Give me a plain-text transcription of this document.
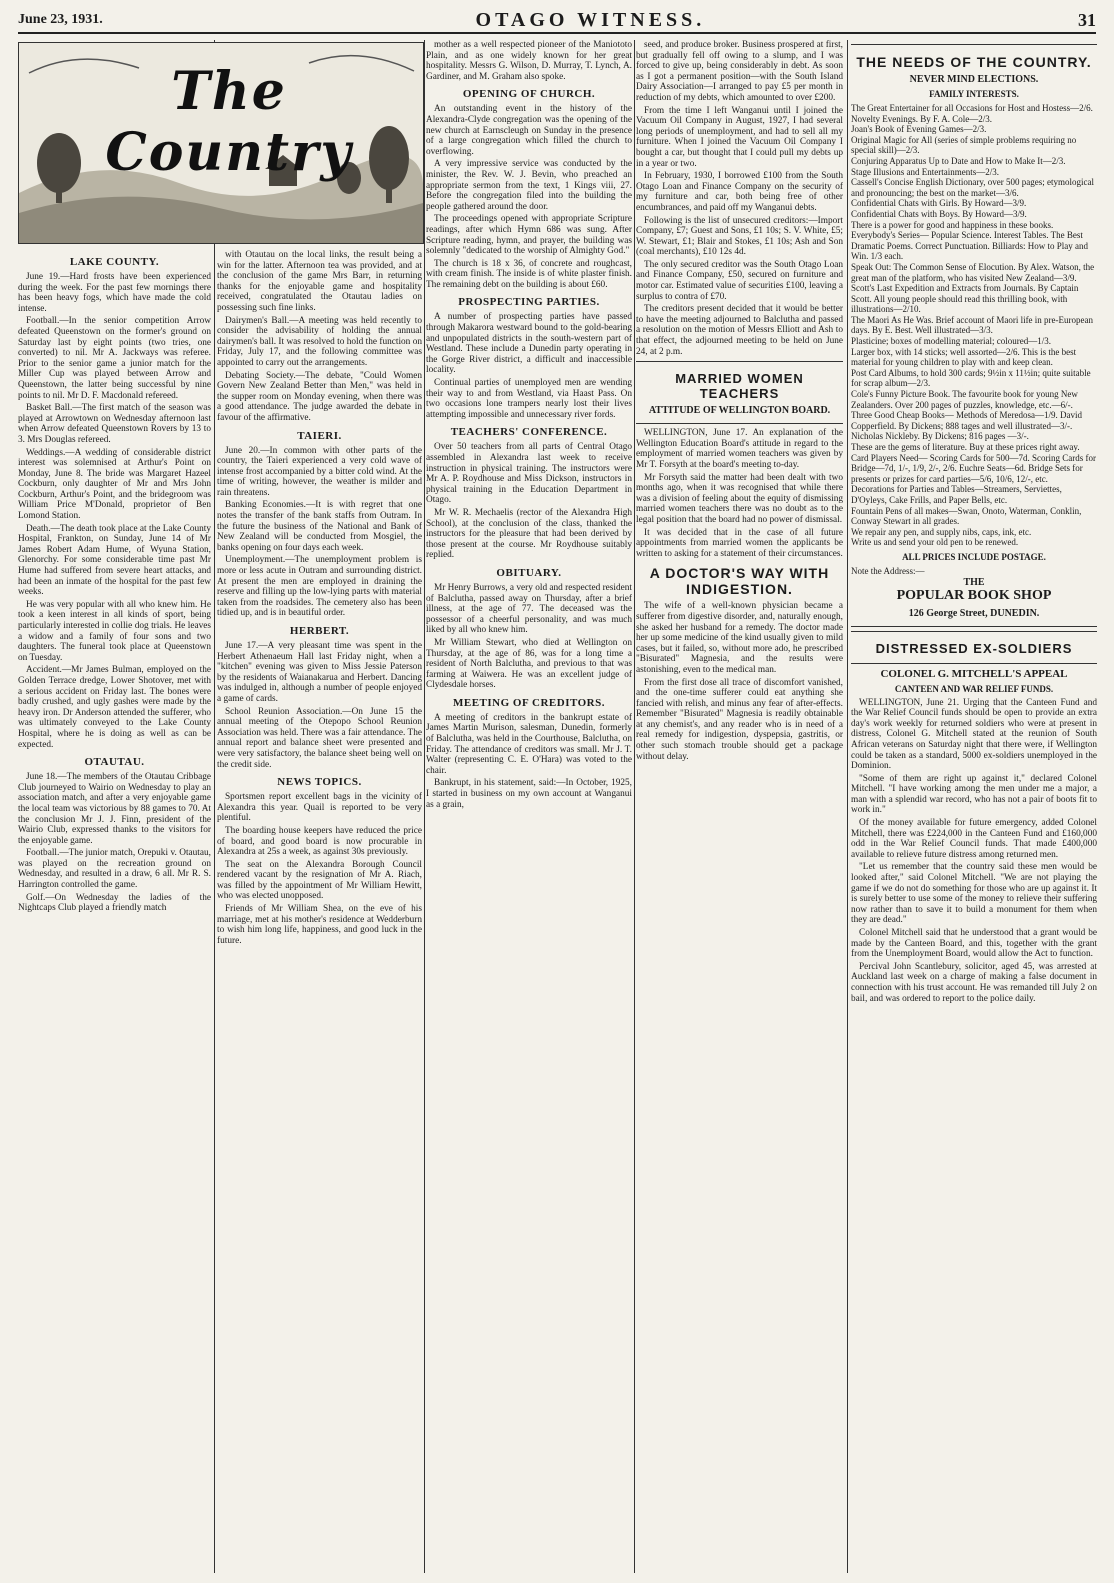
June 23, 1931.	OTAGO WITNESS.	31
The Country
LAKE COUNTY.

June 19.—Hard frosts have been experienced during the week. For the past few mornings there has been heavy fogs, which have made the cold intense.

Football.—In the senior competition Arrow defeated Queenstown on the former's ground on Saturday last by eight points (two tries, one converted) to nil. Mr A. Jackways was referee. Prior to the senior game a junior match for the Miller Cup was played between Arrow and Queenstown, the latter being successful by nine points to nil. Mr D. F. Macdonald refereed.

Basket Ball.—The first match of the season was played at Arrowtown on Wednesday afternoon last when Arrow defeated Queenstown Rovers by 13 to 3. Mrs Douglas refereed.

Weddings.—A wedding of considerable district interest was solemnised at Arthur's Point on Monday, June 8. The bride was Margaret Hazeel Cockburn, only daughter of Mr and Mrs John Cockburn, Arthur's Point, and the bridegroom was William Price M'Donald, proprietor of Ben Lomond Station.

Death.—The death took place at the Lake County Hospital, Frankton, on Sunday, June 14 of Mr James Robert Adam Hume, of Wyuna Station, Glenorchy. For some considerable time past Mr Hume had suffered from severe heart attacks, and had been an inmate of the hospital for the past few weeks.

He was very popular with all who knew him. He took a keen interest in all kinds of sport, being particularly interested in collie dog trials. He leaves a widow and a family of four sons and two daughters. The funeral took place at Queenstown on Tuesday.

Accident.—Mr James Bulman, employed on the Golden Terrace dredge, Lower Shotover, met with a serious accident on Friday last. The bones were badly crushed, and ugly gashes were made by the heavy iron. Dr Anderson attended the sufferer, who was ultimately conveyed to the Lake County Hospital, where he is doing as well as can be expected.

OTAUTAU.

June 18.—The members of the Otautau Cribbage Club journeyed to Wairio on Wednesday to play an association match, and after a very enjoyable game the local team was victorious by 88 games to 70. At the conclusion Mr J. J. Finn, president of the Wairio Club, expressed thanks to the visitors for the enjoyable game.

Football.—The junior match, Orepuki v. Otautau, was played on the recreation ground on Wednesday, and resulted in a draw, 6 all. Mr R. S. Harrington controlled the game.

Golf.—On Wednesday the ladies of the Nightcaps Club played a friendly match

with Otautau on the local links, the result being a win for the latter. Afternoon tea was provided, and at the conclusion of the game Mrs Barr, in returning thanks for the enjoyable game and hospitality received, congratulated the Otautau ladies on possessing such fine links.

Dairymen's Ball.—A meeting was held recently to consider the advisability of holding the annual dairymen's ball. It was resolved to hold the function on Friday, July 17, and the following committee was appointed to carry out the arrangements.

Debating Society.—The debate, "Could Women Govern New Zealand Better than Men," was held in the supper room on Monday evening, when there was a good attendance. The judge awarded the debate in favour of the affirmative.

TAIERI.

June 20.—In common with other parts of the country, the Taieri experienced a very cold wave of intense frost accompanied by a bitter cold wind. At the time of writing, however, the weather is milder and rain threatens.

Banking Economies.—It is with regret that one notes the transfer of the bank staffs from Outram. In the future the business of the National and Bank of New Zealand will be conducted from Mosgiel, the banks opening on four days each week.

Unemployment.—The unemployment problem is more or less acute in Outram and surrounding district. At present the men are employed in draining the reserve and filling up the low-lying parts with material taken from the roadsides. The cemetery also has been tidied up, and is in beautiful order.

HERBERT.

June 17.—A very pleasant time was spent in the Herbert Athenaeum Hall last Friday night, when a "kitchen" evening was given to Miss Jessie Paterson by the residents of Waianakarua and Herbert. Dancing was indulged in, although a number of people enjoyed a game of cards.

School Reunion Association.—On June 15 the annual meeting of the Otepopo School Reunion Association was held. There was a fair attendance. The annual report and balance sheet were presented and were very satisfactory, the balance sheet being well on the credit side.

NEWS TOPICS.

Sportsmen report excellent bags in the vicinity of Alexandra this year. Quail is reported to be very plentiful.

The boarding house keepers have reduced the price of board, and good board is now procurable in Alexandra at 25s a week, as against 30s previously.

The seat on the Alexandra Borough Council rendered vacant by the resignation of Mr A. Riach, was filled by the appointment of Mr William Hewitt, who was elected unopposed.

Friends of Mr William Shea, on the eve of his marriage, met at his mother's residence at Wedderburn to wish him long life, happiness, and good luck in the future.

mother as a well respected pioneer of the Maniototo Plain, and as one widely known for her great hospitality. Messrs G. Wilson, D. Murray, T. Lynch, A. Gardiner, and M. Graham also spoke.

OPENING OF CHURCH.

An outstanding event in the history of the Alexandra-Clyde congregation was the opening of the new church at Earnscleugh on Sunday in the presence of a large congregation which filled the church to overflowing.

A very impressive service was conducted by the minister, the Rev. W. J. Bevin, who preached an appropriate sermon from the text, 1 Kings viii, 27. Before the congregation filed into the building the people gathered around the door.

The proceedings opened with appropriate Scripture readings, after which Hymn 686 was sung. After Scripture reading, hymn, and prayer, the building was solemnly "dedicated to the worship of Almighty God."

The church is 18 x 36, of concrete and roughcast, with cream finish. The inside is of white plaster finish. The remaining debt on the building is about £60.

PROSPECTING PARTIES.

A number of prospecting parties have passed through Makarora westward bound to the gold-bearing and unpopulated districts in the south-western part of Westland. These include a Dunedin party operating in the Gorge River district, a difficult and inaccessible locality.

Continual parties of unemployed men are wending their way to and from Westland, via Haast Pass. On two occasions lone trampers nearly lost their lives attempting impossible and unnecessary river fords.

TEACHERS' CONFERENCE.

Over 50 teachers from all parts of Central Otago assembled in Alexandra last week to receive instruction in physical training. The instructors were Mr A. P. Roydhouse and Miss Dickson, instructors in physical training in the Education Department in Otago.

Mr W. R. Mechaelis (rector of the Alexandra High School), at the conclusion of the class, thanked the instructors for the pleasure that had been derived by those present at the course. Mr Roydhouse suitably replied.

OBITUARY.

Mr Henry Burrows, a very old and respected resident of Balclutha, passed away on Thursday, after a brief illness, at the age of 77. The deceased was the possessor of a cheerful personality, and was much liked by all who knew him.

Mr William Stewart, who died at Wellington on Thursday, at the age of 86, was for a long time a resident of North Balclutha, and previous to that was farming at Waiwera. He was an excellent judge of Clydesdale horses.

MEETING OF CREDITORS.

A meeting of creditors in the bankrupt estate of James Martin Murison, salesman, Dunedin, formerly of Balclutha, was held in the Courthouse, Balclutha, on Friday. The attendance of creditors was small. Mr J. T. Walter (representing C. E. O'Hara) was voted to the chair.

Bankrupt, in his statement, said:—In October, 1925, I started in business on my own account at Wanganui as a grain,

seed, and produce broker. Business prospered at first, but gradually fell off owing to a slump, and I was forced to give up, being considerably in debt. As soon as I got a permanent position—with the South Island Dairy Association—I arranged to pay £5 per month in reduction of my debts, which amounted to over £200.

From the time I left Wanganui until I joined the Vacuum Oil Company in August, 1927, I had several long periods of unemployment, and had to sell all my furniture. When I joined the Vacuum Oil Company I bought a car, but thought that I could pull my debts up in a year or two.

In February, 1930, I borrowed £100 from the South Otago Loan and Finance Company on the security of my furniture and car, both being free of other encumbrances, and paid off my Wanganui debts.

Following is the list of unsecured creditors:—Import Company, £7; Guest and Sons, £1 10s; S. V. White, £5; W. Stewart, £1; Blair and Stokes, £1 10s; Ash and Son (coal merchants), £10 12s 4d.

The only secured creditor was the South Otago Loan and Finance Company, £50, secured on furniture and motor car. Estimated value of securities £100, leaving a surplus to contra of £70.

The creditors present decided that it would be better to have the meeting adjourned to Balclutha and passed a resolution on the motion of Messrs Elliott and Ash to that effect, the adjourned meeting to be held on June 24, at 2 p.m.

MARRIED WOMEN TEACHERS
ATTITUDE OF WELLINGTON BOARD.

WELLINGTON, June 17. An explanation of the Wellington Education Board's attitude in regard to the employment of married women teachers was given by Mr T. Forsyth at the board's meeting to-day.

Mr Forsyth said the matter had been dealt with two months ago, when it was recognised that while there was a division of feeling about the equity of dismissing married women teachers there was no doubt as to the legal position that the board had no power of dismissal.

It was decided that in the case of all future appointments from married women the applicants be written to asking for a statement of their circumstances.

A DOCTOR'S WAY WITH INDIGESTION.

The wife of a well-known physician became a sufferer from digestive disorder, and, naturally enough, she asked her husband for a remedy. The doctor made her up some medicine of the kind usually given to mild cases, but it failed, so, without more ado, he prescribed "Bisurated" Magnesia, and the results were astonishing, even to the medical man.

From the first dose all trace of discomfort vanished, and the one-time sufferer could eat anything she fancied with relish, and minus any fear of after-effects. Remember "Bisurated" Magnesia is readily obtainable at any chemist's, and any reader who is in need of a real remedy for indigestion, dyspepsia, gastritis, or other such stomach trouble should get a package without delay.

THE NEEDS OF THE COUNTRY.
NEVER MIND ELECTIONS.
FAMILY INTERESTS.

The Great Entertainer for all Occasions for Host and Hostess—2/6.

Novelty Evenings. By F. A. Cole—2/3.

Joan's Book of Evening Games—2/3.

Original Magic for All (series of simple problems requiring no special skill)—2/3.

Conjuring Apparatus Up to Date and How to Make It—2/3.

Stage Illusions and Entertainments—2/3.

Cassell's Concise English Dictionary, over 500 pages; etymological and pronouncing; the best on the market—3/6.

Confidential Chats with Girls. By Howard—3/9.

Confidential Chats with Boys. By Howard—3/9.

There is a power for good and happiness in these books.

Everybody's Series— Popular Science. Interest Tables. The Best Dramatic Poems. Correct Punctuation. Billiards: How to Play and Win. 1/3 each.

Speak Out: The Common Sense of Elocution. By Alex. Watson, the great man of the platform, who has visited New Zealand—3/9.

Scott's Last Expedition and Extracts from Journals. By Captain Scott. All young people should read this thrilling book, with illustrations—2/10.

The Maori As He Was. Brief account of Maori life in pre-European days. By E. Best. Well illustrated—3/3.

Plasticine; boxes of modelling material; coloured—1/3.

Larger box, with 14 sticks; well assorted—2/6. This is the best material for young children to play with and keep clean.

Post Card Albums, to hold 300 cards; 9½in x 11½in; quite suitable for scrap album—2/3.

Cole's Funny Picture Book. The favourite book for young New Zealanders. Over 200 pages of puzzles, knowledge, etc.—6/-.

Three Good Cheap Books— Methods of Meredosa—1/9. David Copperfield. By Dickens; 888 tages and well illustrated—3/-. Nicholas Nickleby. By Dickens; 816 pages —3/-.

These are the gems of literature. Buy at these prices right away.

Card Players Need— Scoring Cards for 500—7d. Scoring Cards for Bridge—7d, 1/-, 1/9, 2/-, 2/6. Euchre Seats—6d. Bridge Sets for presents or prizes for card parties—5/6, 10/6, 12/-, etc.

Decorations for Parties and Tables—Streamers, Serviettes, D'Oyleys, Cake Frills, and Paper Bells, etc.

Fountain Pens of all makes—Swan, Onoto, Waterman, Conklin, Conway Stewart in all grades.

We repair any pen, and supply nibs, caps, ink, etc.

Write us and send your old pen to be renewed.

ALL PRICES INCLUDE POSTAGE.

Note the Address:—

THE
POPULAR BOOK SHOP
126 George Street, DUNEDIN.
DISTRESSED EX-SOLDIERS
COLONEL G. MITCHELL'S APPEAL
CANTEEN AND WAR RELIEF FUNDS.

WELLINGTON, June 21. Urging that the Canteen Fund and the War Relief Council funds should be open to provide an extra day's work weekly for returned soldiers who were at present in distress, Colonel G. Mitchell stated at the reunion of South African veterans on Saturday night that there were, if Wellington could be taken as a standard, 5000 ex-soldiers unemployed in the Dominion.

"Some of them are right up against it," declared Colonel Mitchell. "I have working among the men under me a major, a man with a splendid war record, who has not a pair of boots fit to work in."

Of the money available for future emergency, added Colonel Mitchell, there was £224,000 in the Canteen Fund and £160,000 odd in the War Relief Council funds. That made £400,000 available to relieve future distress among returned men.

"Let us remember that the country said these men would be looked after," said Colonel Mitchell. "We are not playing the game if we do not do something for those who are up against it. It is surely better to use some of the money to relieve their suffering now rather than to save it to build a monument for them when they are dead."

Colonel Mitchell said that he understood that a grant would be made by the Canteen Board, and this, together with the grant from the Unemployment Board, would allow the Act to function.

Percival John Scantlebury, solicitor, aged 45, was arrested at Auckland last week on a charge of making a false document in connection with his trust account. He was remanded till July 2 on bail, and was ordered to report to the police daily.
